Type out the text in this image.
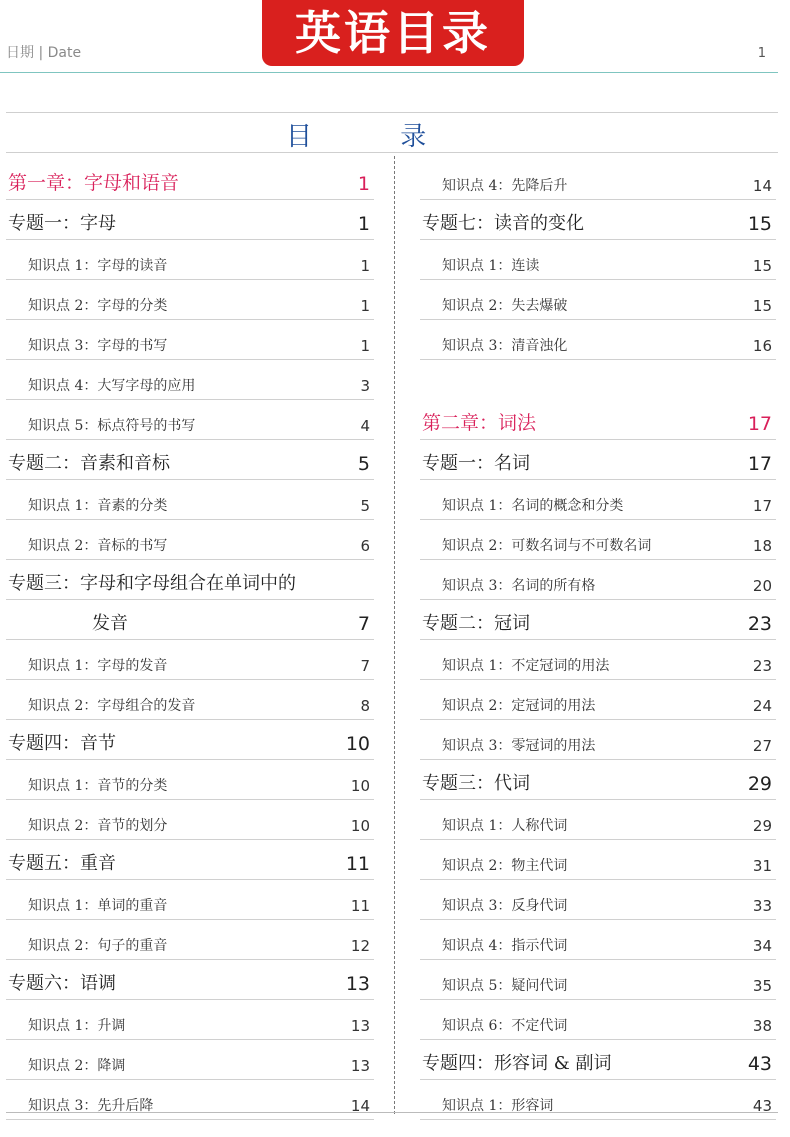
英语目录
日期 | Date	1
目 录
第一章：字母和语音	1
专题一：字母	1
知识点 1：字母的读音	1
知识点 2：字母的分类	1
知识点 3：字母的书写	1
知识点 4：大写字母的应用	3
知识点 5：标点符号的书写	4
专题二：音素和音标	5
知识点 1：音素的分类	5
知识点 2：音标的书写	6
专题三：字母和字母组合在单词中的
发音	7
知识点 1：字母的发音	7
知识点 2：字母组合的发音	8
专题四：音节	10
知识点 1：音节的分类	10
知识点 2：音节的划分	10
专题五：重音	11
知识点 1：单词的重音	11
知识点 2：句子的重音	12
专题六：语调	13
知识点 1：升调	13
知识点 2：降调	13
知识点 3：先升后降	14
知识点 4：先降后升	14
专题七：读音的变化	15
知识点 1：连读	15
知识点 2：失去爆破	15
知识点 3：清音浊化	16
第二章：词法	17
专题一：名词	17
知识点 1：名词的概念和分类	17
知识点 2：可数名词与不可数名词	18
知识点 3：名词的所有格	20
专题二：冠词	23
知识点 1：不定冠词的用法	23
知识点 2：定冠词的用法	24
知识点 3：零冠词的用法	27
专题三：代词	29
知识点 1：人称代词	29
知识点 2：物主代词	31
知识点 3：反身代词	33
知识点 4：指示代词	34
知识点 5：疑问代词	35
知识点 6：不定代词	38
专题四：形容词 & 副词	43
知识点 1：形容词	43
